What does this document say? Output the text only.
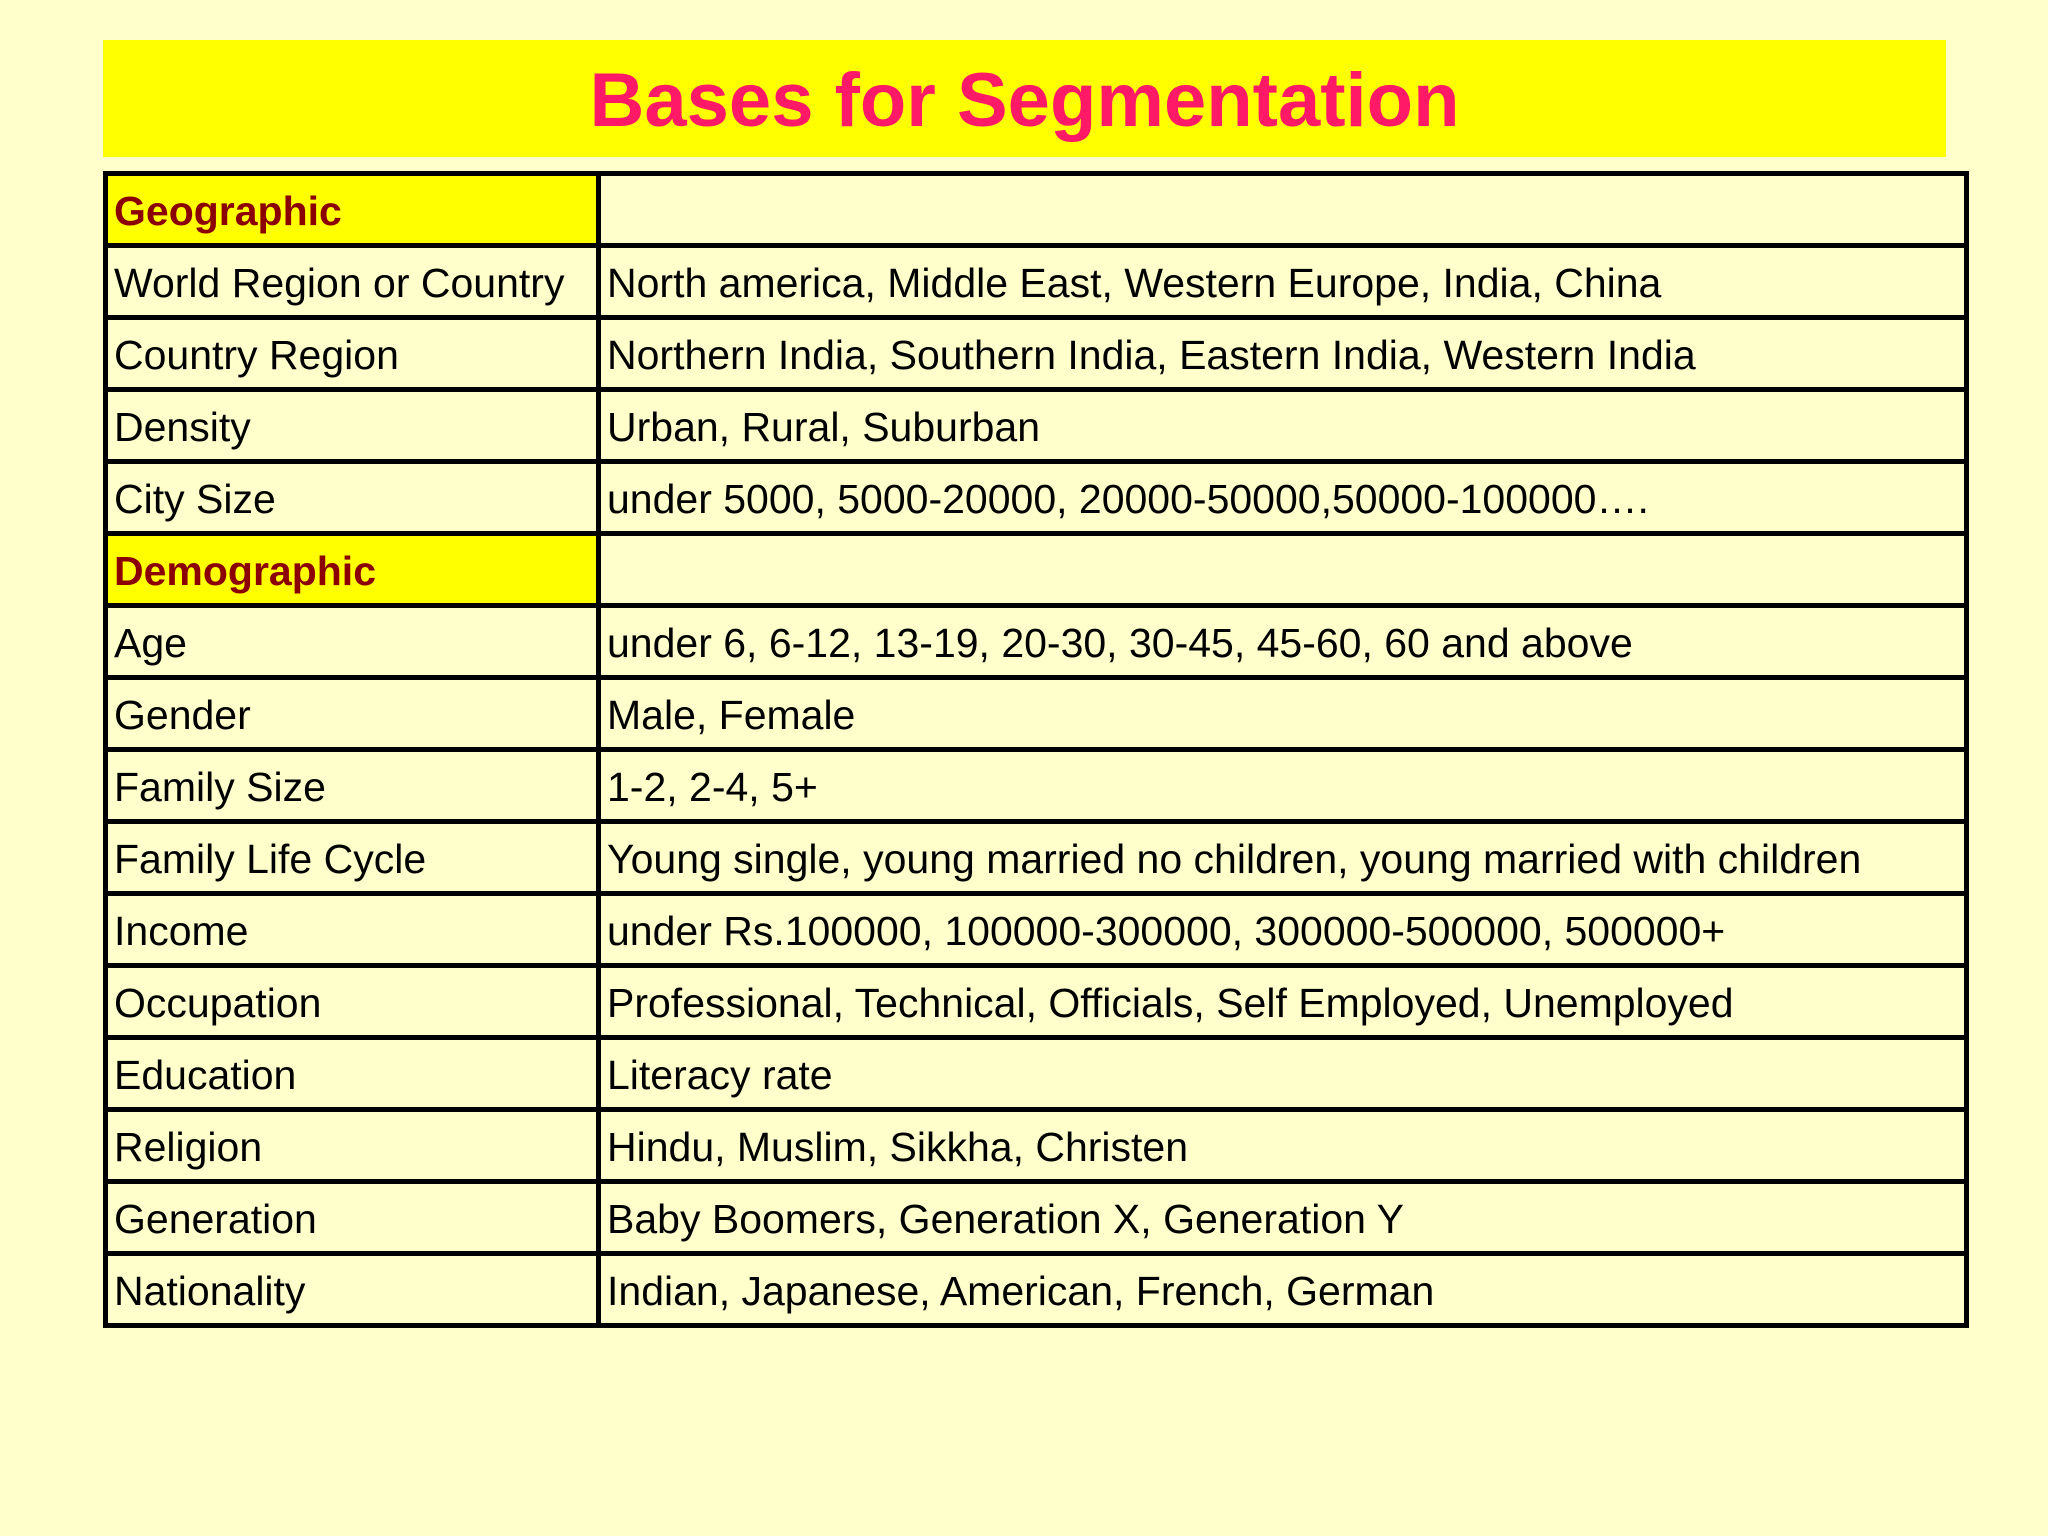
Bases for Segmentation
Geographic	
World Region or Country	North america, Middle East, Western Europe, India, China
Country Region	Northern India, Southern India, Eastern India, Western India
Density	Urban, Rural, Suburban
City Size	under 5000, 5000-20000, 20000-50000,50000-100000….
Demographic	
Age	under 6, 6-12, 13-19, 20-30, 30-45, 45-60, 60 and above
Gender	Male, Female
Family Size	1-2, 2-4, 5+
Family Life Cycle	Young single, young married no children, young married with children
Income	under Rs.100000, 100000-300000, 300000-500000, 500000+
Occupation	Professional, Technical, Officials, Self Employed, Unemployed
Education	Literacy rate
Religion	Hindu, Muslim, Sikkha, Christen
Generation	Baby Boomers, Generation X, Generation Y
Nationality	Indian, Japanese, American, French, German
